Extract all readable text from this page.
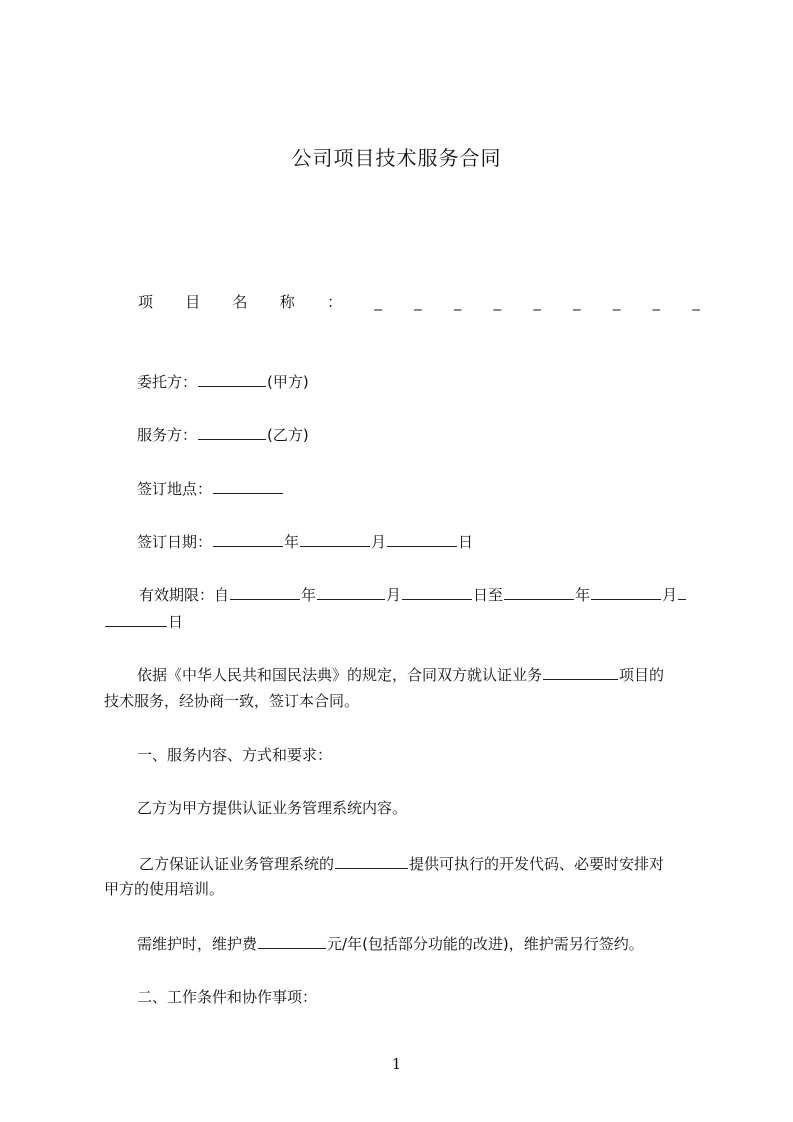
公司项目技术服务合同
项 目 名 称 ： _ _ _ _ _ _ _ _ _
委托方：	(甲方)
服务方：	(乙方)
签订地点：
签订日期：	年	月	日
有效期限：自	年	月	日至	年	月
日
依据《中华人民共和国民法典》的规定，合同双方就认证业务	项目的
技术服务，经协商一致，签订本合同。
一、服务内容、方式和要求：
乙方为甲方提供认证业务管理系统内容。
乙方保证认证业务管理系统的	提供可执行的开发代码、必要时安排对
甲方的使用培训。
需维护时，维护费	元/年(包括部分功能的改进)，维护需另行签约。
二、工作条件和协作事项：
1
